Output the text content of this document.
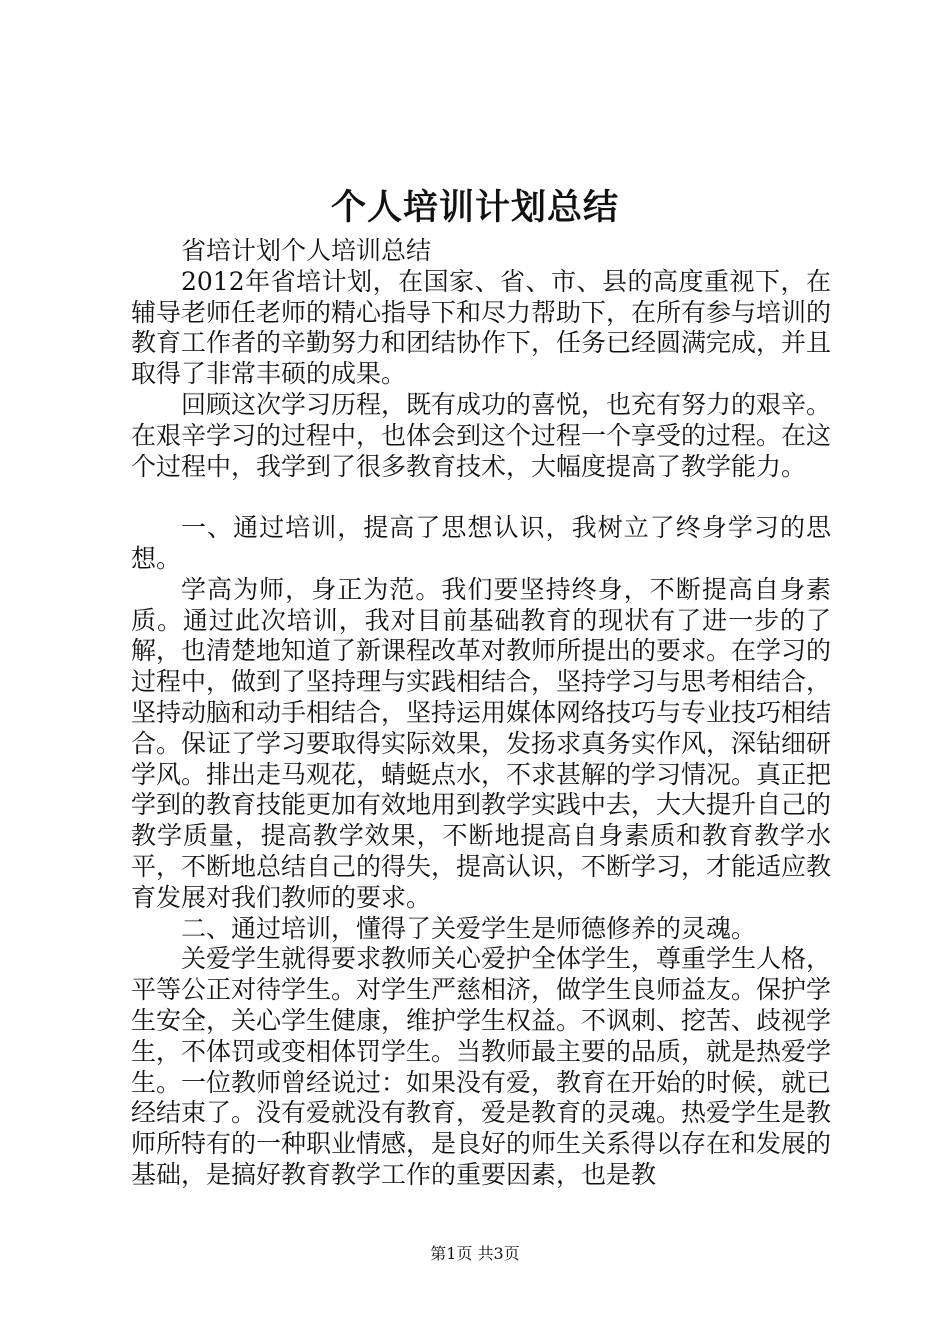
个人培训计划总结

省培计划个人培训总结

2012年省培计划，在国家、省、市、县的高度重视下，在辅导老师任老师的精心指导下和尽力帮助下，在所有参与培训的教育工作者的辛勤努力和团结协作下，任务已经圆满完成，并且取得了非常丰硕的成果。

回顾这次学习历程，既有成功的喜悦，也充有努力的艰辛。在艰辛学习的过程中，也体会到这个过程一个享受的过程。在这个过程中，我学到了很多教育技术，大幅度提高了教学能力。

一、通过培训，提高了思想认识，我树立了终身学习的思想。

学高为师，身正为范。我们要坚持终身，不断提高自身素质。通过此次培训，我对目前基础教育的现状有了进一步的了解，也清楚地知道了新课程改革对教师所提出的要求。在学习的过程中，做到了坚持理与实践相结合，坚持学习与思考相结合，坚持动脑和动手相结合，坚持运用媒体网络技巧与专业技巧相结合。保证了学习要取得实际效果，发扬求真务实作风，深钻细研学风。排出走马观花，蜻蜓点水，不求甚解的学习情况。真正把学到的教育技能更加有效地用到教学实践中去，大大提升自己的教学质量，提高教学效果，不断地提高自身素质和教育教学水平，不断地总结自己的得失，提高认识，不断学习，才能适应教育发展对我们教师的要求。

二、通过培训，懂得了关爱学生是师德修养的灵魂。

关爱学生就得要求教师关心爱护全体学生，尊重学生人格，平等公正对待学生。对学生严慈相济，做学生良师益友。保护学生安全，关心学生健康，维护学生权益。不讽刺、挖苦、歧视学生，不体罚或变相体罚学生。当教师最主要的品质，就是热爱学生。一位教师曾经说过：如果没有爱，教育在开始的时候，就已经结束了。没有爱就没有教育，爱是教育的灵魂。热爱学生是教师所特有的一种职业情感，是良好的师生关系得以存在和发展的基础，是搞好教育教学工作的重要因素，也是教

第1页 共3页
